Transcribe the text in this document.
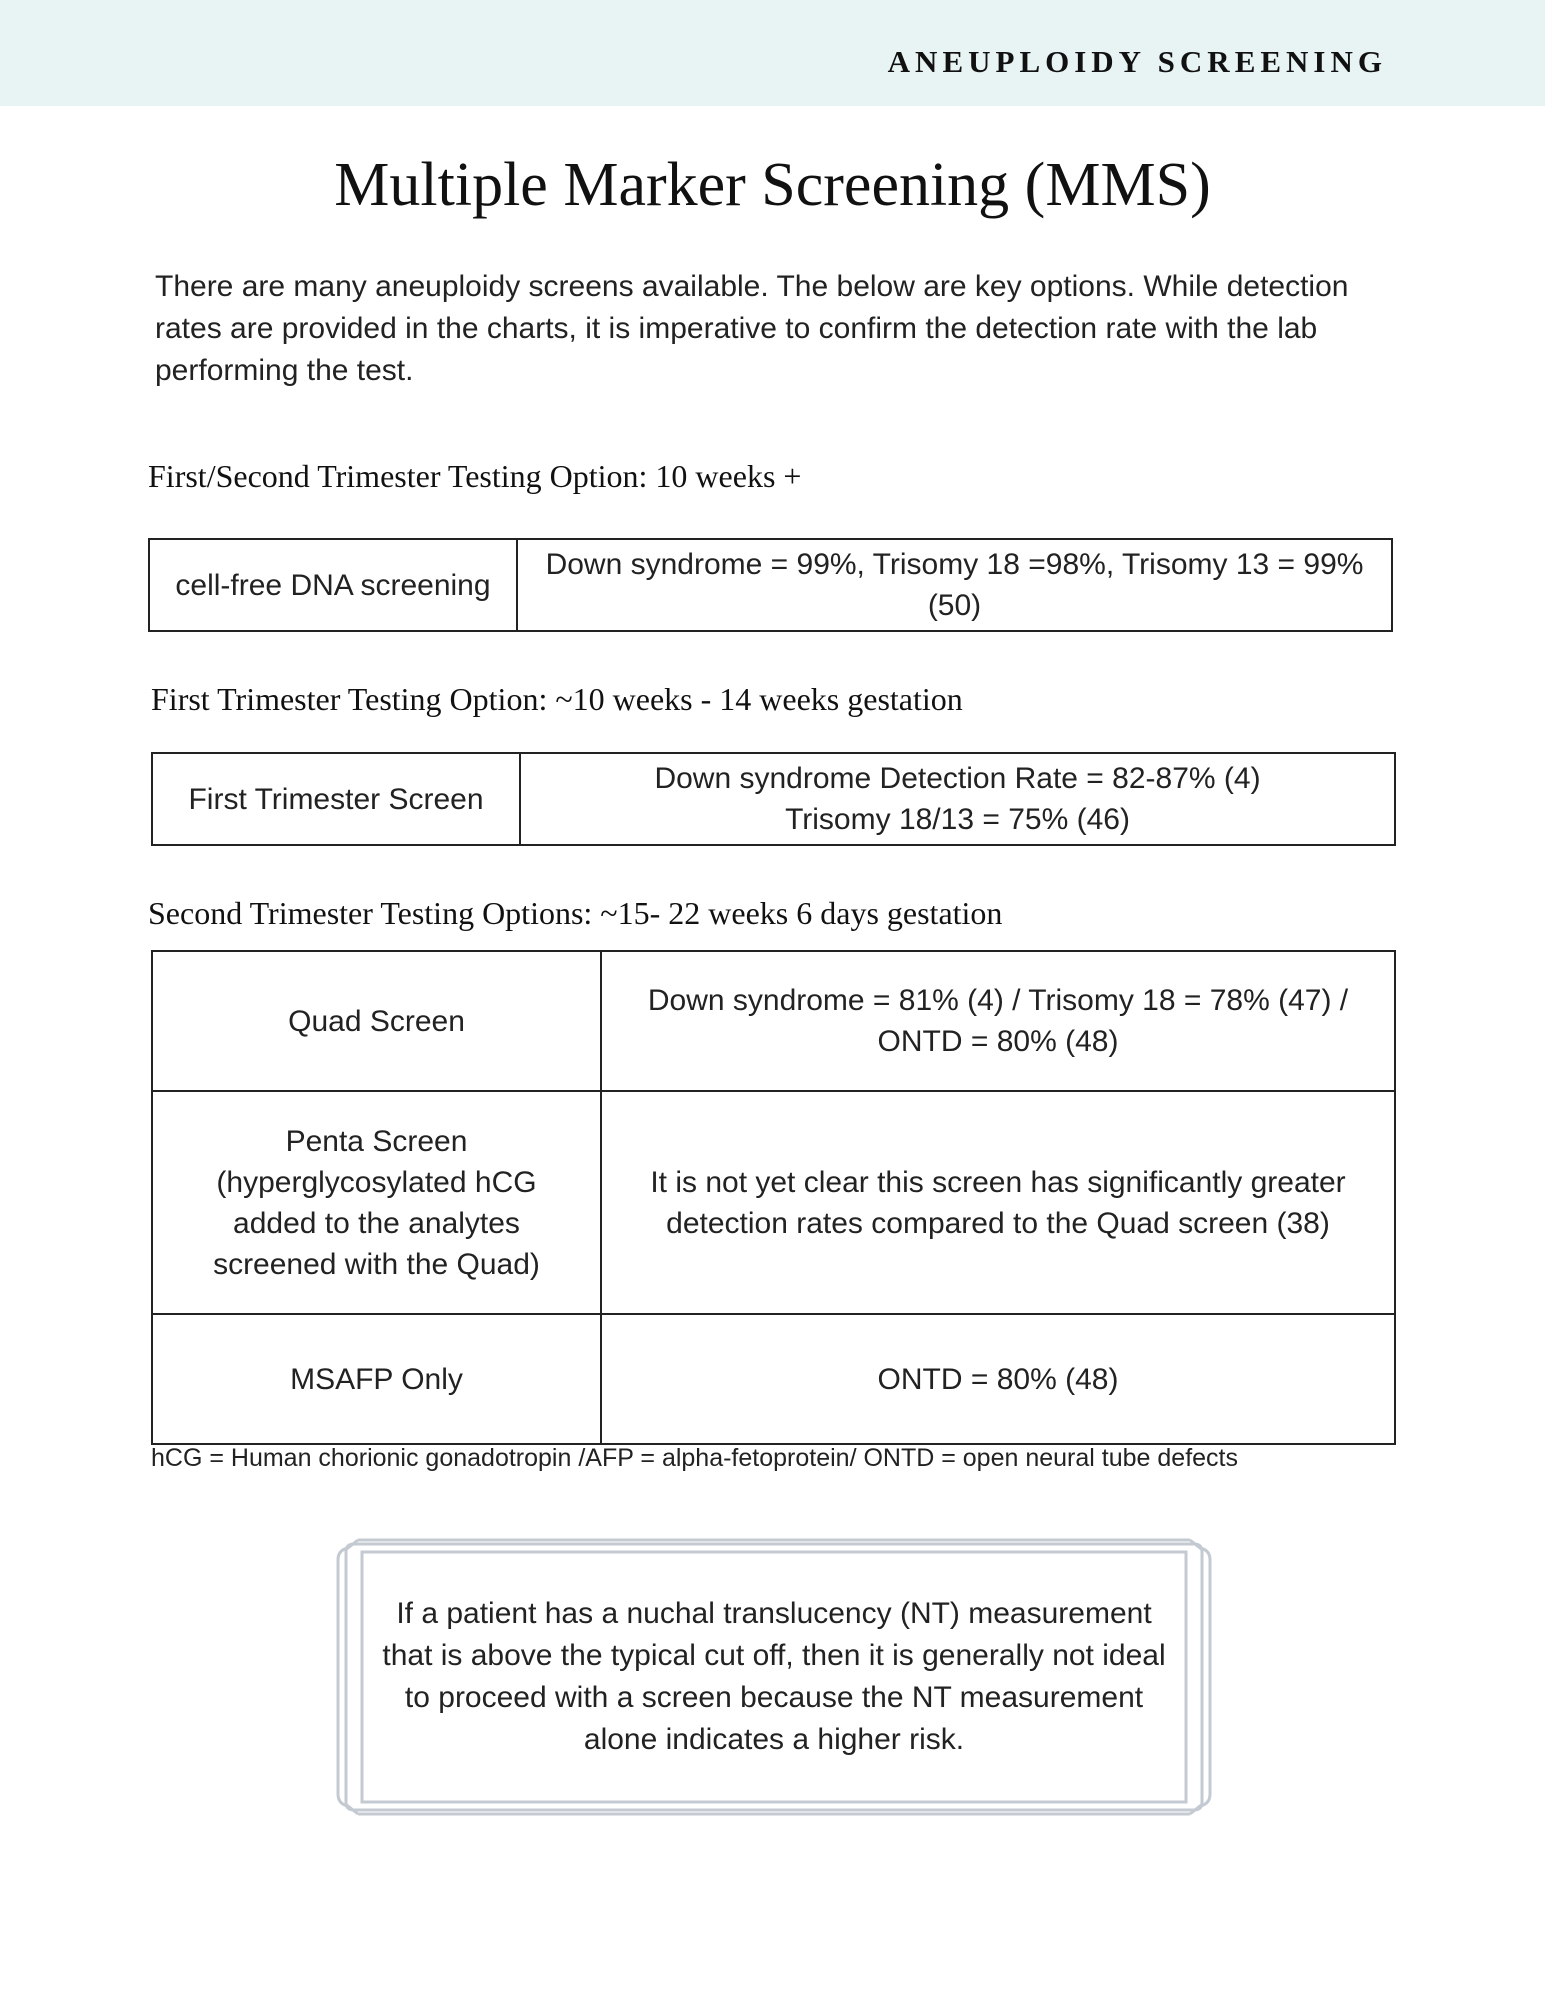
ANEUPLOIDY SCREENING
Multiple Marker Screening (MMS)
There are many aneuploidy screens available. The below are key options. While detection rates are provided in the charts, it is imperative to confirm the detection rate with the lab performing the test.
First/Second Trimester Testing Option: 10 weeks +
cell-free DNA screening	Down syndrome = 99%, Trisomy 18 =98%, Trisomy 13 = 99% (50)
First Trimester Testing Option: ~10 weeks - 14 weeks gestation
First Trimester Screen	Down syndrome Detection Rate = 82-87% (4)
Trisomy 18/13 = 75% (46)
Second Trimester Testing Options: ~15- 22 weeks 6 days gestation
Quad Screen	Down syndrome = 81% (4) / Trisomy 18 = 78% (47) / ONTD = 80% (48)
Penta Screen (hyperglycosylated hCG added to the analytes screened with the Quad)	It is not yet clear this screen has significantly greater detection rates compared to the Quad screen (38)
MSAFP Only	ONTD = 80% (48)
hCG = Human chorionic gonadotropin /AFP = alpha-fetoprotein/ ONTD = open neural tube defects
If a patient has a nuchal translucency (NT) measurement that is above the typical cut off, then it is generally not ideal to proceed with a screen because the NT measurement alone indicates a higher risk.
